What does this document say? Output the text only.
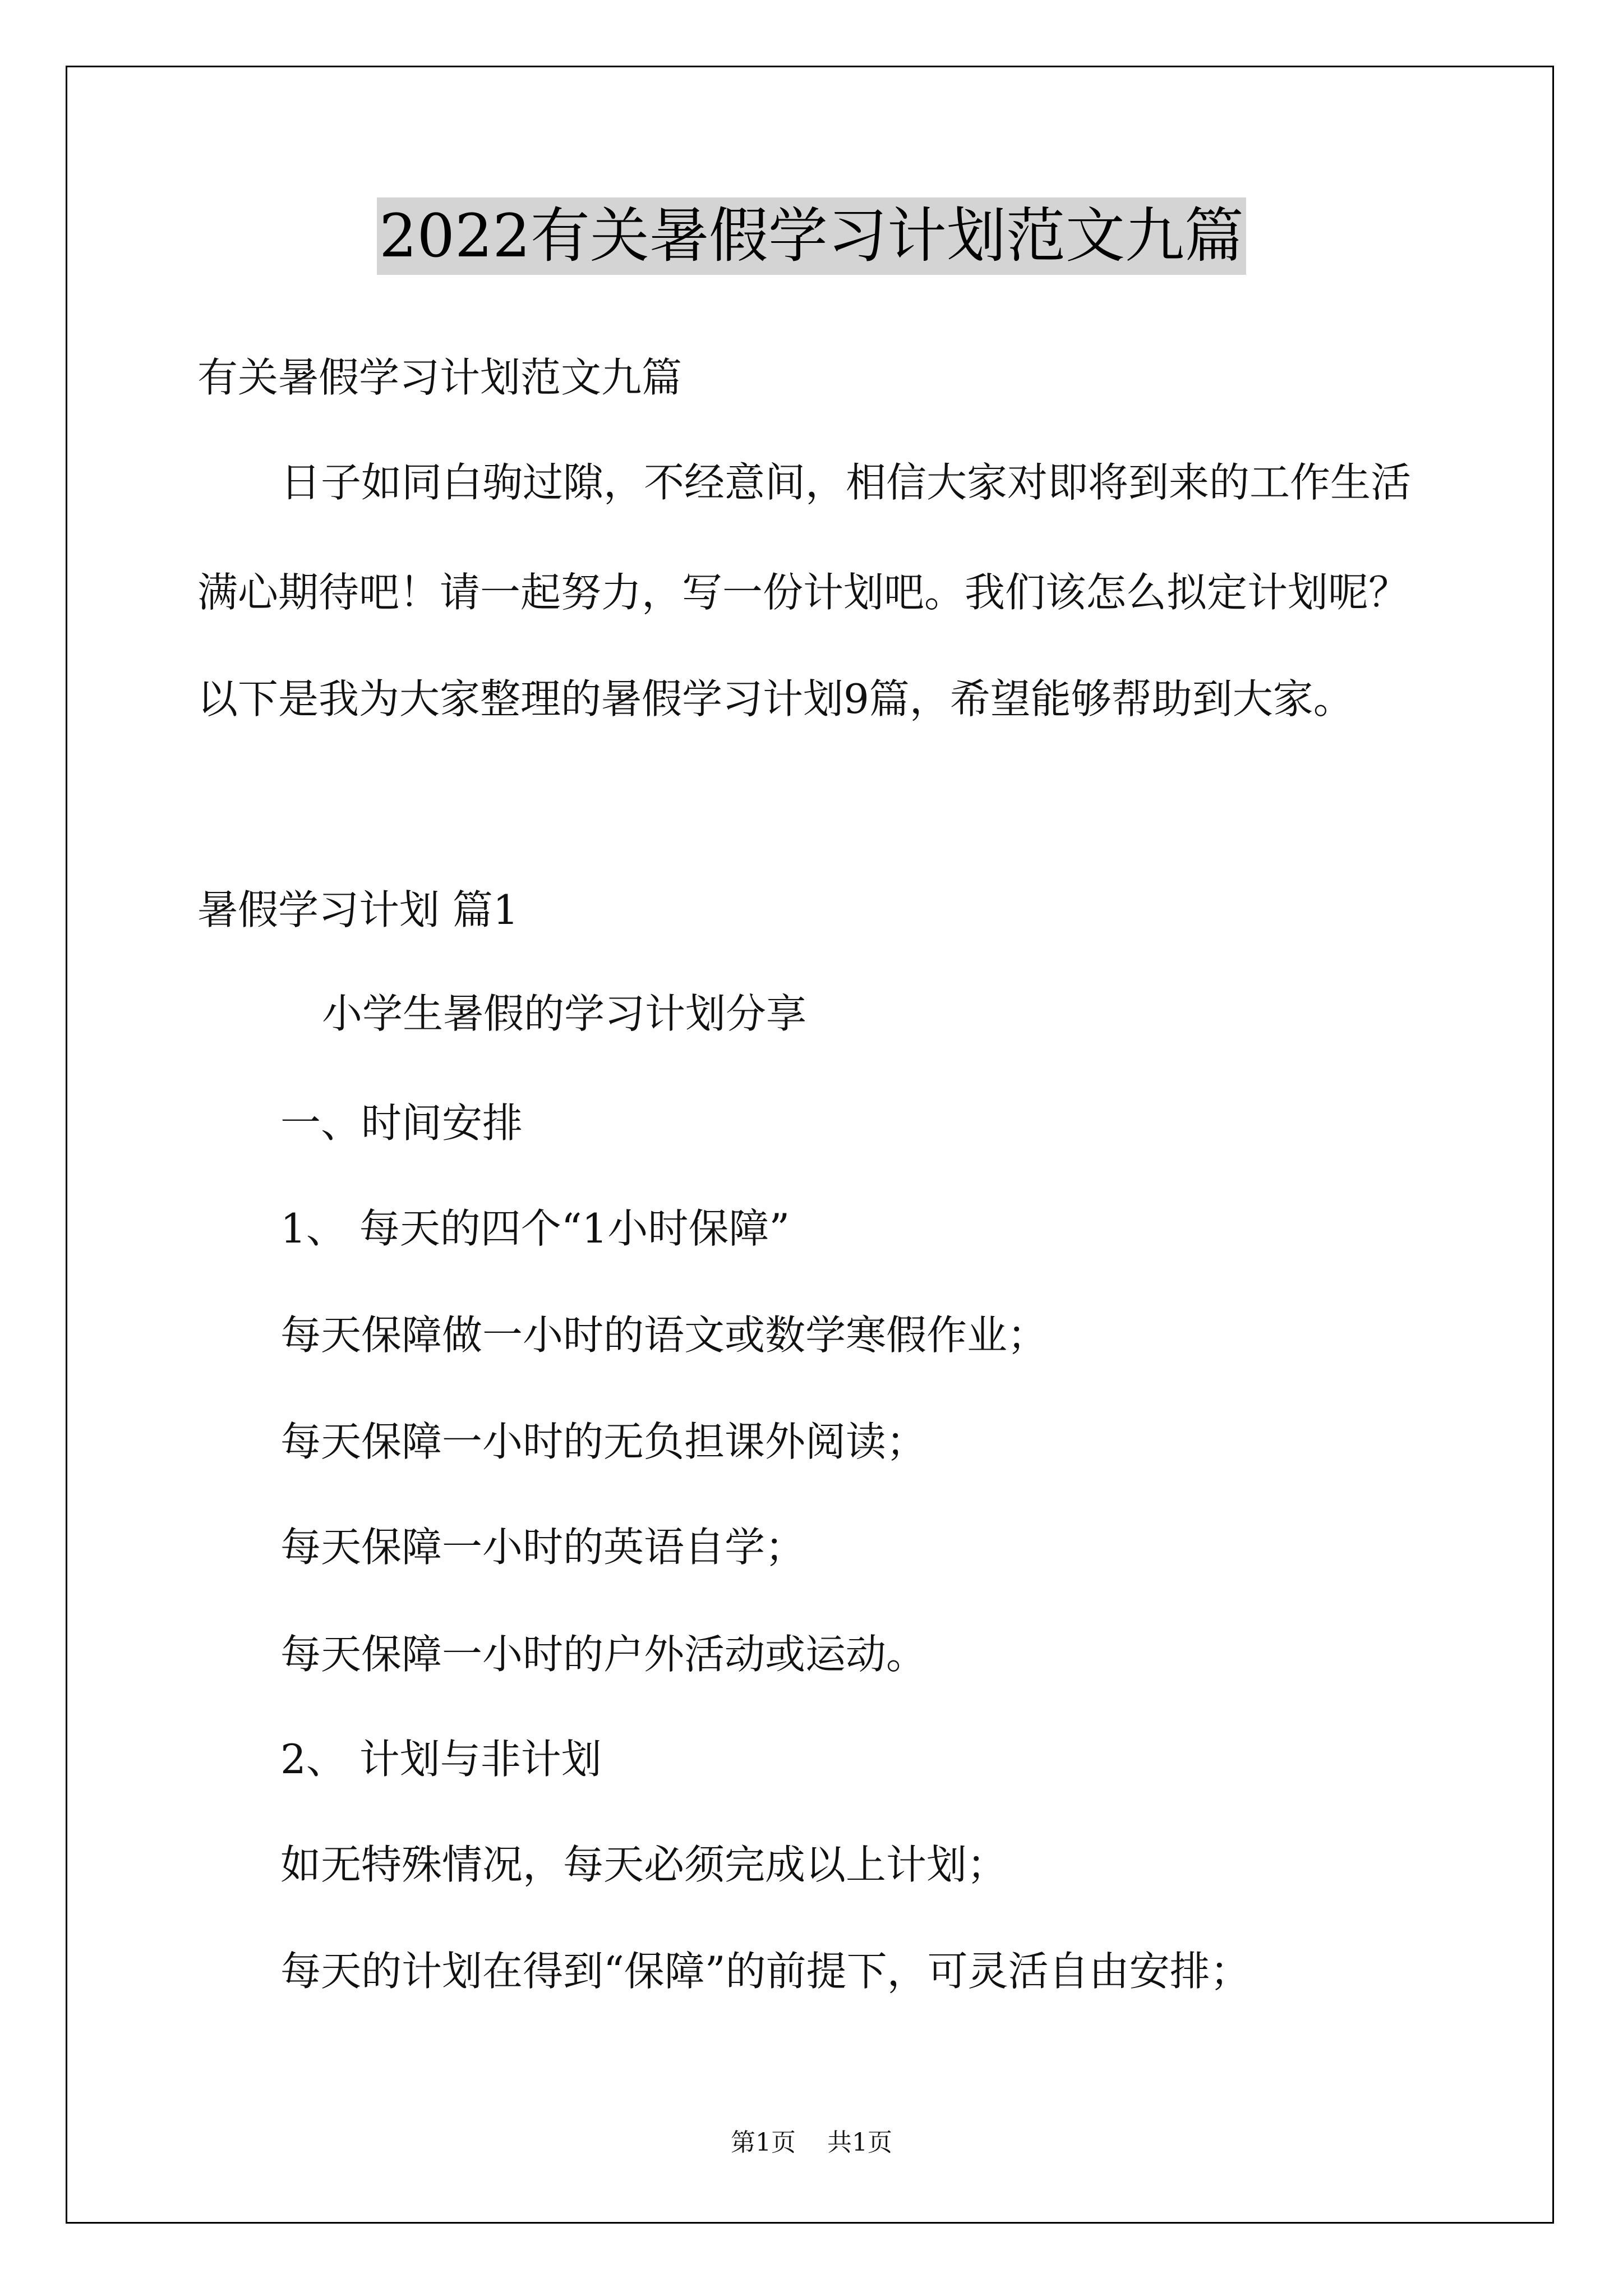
2022有关暑假学习计划范文九篇
有关暑假学习计划范文九篇
日子如同白驹过隙，不经意间，相信大家对即将到来的工作生活
满心期待吧！请一起努力，写一份计划吧。我们该怎么拟定计划呢？
以下是我为大家整理的暑假学习计划9篇，希望能够帮助到大家。
暑假学习计划 篇1
小学生暑假的学习计划分享
一、时间安排
1、 每天的四个“1小时保障”
每天保障做一小时的语文或数学寒假作业；
每天保障一小时的无负担课外阅读；
每天保障一小时的英语自学；
每天保障一小时的户外活动或运动。
2、 计划与非计划
如无特殊情况，每天必须完成以上计划；
每天的计划在得到“保障”的前提下，可灵活自由安排；
第1页 共1页
